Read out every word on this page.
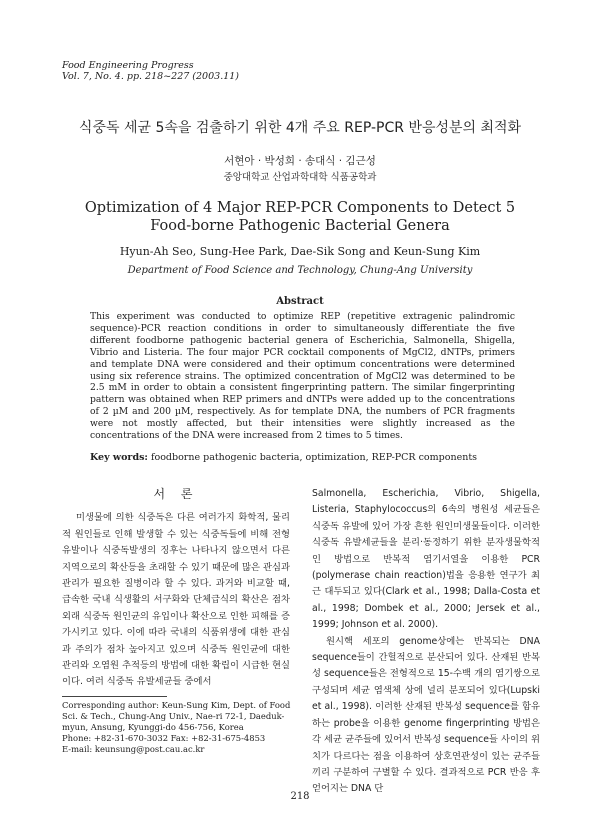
Food Engineering Progress
Vol. 7, No. 4. pp. 218~227 (2003.11)
식중독 세균 5속을 검출하기 위한 4개 주요 REP-PCR 반응성분의 최적화
서현아 · 박성희 · 송대식 · 김근성
중앙대학교 산업과학대학 식품공학과
Optimization of 4 Major REP-PCR Components to Detect 5
Food-borne Pathogenic Bacterial Genera
Hyun-Ah Seo, Sung-Hee Park, Dae-Sik Song and Keun-Sung Kim
Department of Food Science and Technology, Chung-Ang University
Abstract
This experiment was conducted to optimize REP (repetitive extragenic palindromic sequence)-PCR reaction conditions in order to simultaneously differentiate the five different foodborne pathogenic bacterial genera of Escherichia, Salmonella, Shigella, Vibrio and Listeria. The four major PCR cocktail components of MgCl2, dNTPs, primers and template DNA were considered and their optimum concentrations were determined using six reference strains. The optimized concentration of MgCl2 was determined to be 2.5 mM in order to obtain a consistent fingerprinting pattern. The similar fingerprinting pattern was obtained when REP primers and dNTPs were added up to the concentrations of 2 µM and 200 µM, respectively. As for template DNA, the numbers of PCR fragments were not mostly affected, but their intensities were slightly increased as the concentrations of the DNA were increased from 2 times to 5 times.
Key words: foodborne pathogenic bacteria, optimization, REP-PCR components
서 론

미생물에 의한 식중독은 다른 여러가지 화학적, 물리적 원인들로 인해 발생할 수 있는 식중독들에 비해 전형 유발이나 식중독발생의 징후는 나타나지 않으면서 다른 지역으로의 확산등을 초래할 수 있기 때문에 많은 관심과 관리가 필요한 질병이라 할 수 있다. 과거와 비교할 때, 급속한 국내 식생활의 서구화와 단체급식의 확산은 점차 외래 식중독 원인균의 유입이나 확산으로 인한 피해를 증가시키고 있다. 이에 따라 국내의 식품위생에 대한 관심과 주의가 점차 높아지고 있으며 식중독 원인균에 대한 관리와 오염원 추적등의 방법에 대한 확립이 시급한 현실이다. 여러 식중독 유발세균들 중에서

Salmonella, Escherichia, Vibrio, Shigella, Listeria, Staphylococcus의 6속의 병원성 세균들은 식중독 유발에 있어 가장 흔한 원인미생물들이다. 이러한 식중독 유발세균들을 분리·동정하기 위한 분자생물학적인 방법으로 반복적 염기서열을 이용한 PCR (polymerase chain reaction)법을 응용한 연구가 최근 대두되고 있다(Clark et al., 1998; Dalla-Costa et al., 1998; Dombek et al., 2000; Jersek et al., 1999; Johnson et al. 2000).

원시핵 세포의 genome상에는 반복되는 DNA sequence들이 간헐적으로 분산되어 있다. 산재된 반복성 sequence들은 전형적으로 15-수백 개의 염기쌍으로 구성되며 세균 염색체 상에 널리 분포되어 있다(Lupski et al., 1998). 이러한 산재된 반복성 sequence를 함유하는 probe을 이용한 genome fingerprinting 방법은 각 세균 균주들에 있어서 반복성 sequence들 사이의 위치가 다르다는 점을 이용하여 상호연관성이 있는 균주들끼리 구분하여 구별할 수 있다. 결과적으로 PCR 반응 후 얻어지는 DNA 단

Corresponding author: Keun-Sung Kim, Dept. of Food Sci. & Tech., Chung-Ang Univ., Nae-ri 72-1, Daeduk-myun, Ansung, Kyunggi-do 456-756, Korea
Phone: +82-31-670-3032 Fax: +82-31-675-4853
E-mail: keunsung@post.cau.ac.kr
218
